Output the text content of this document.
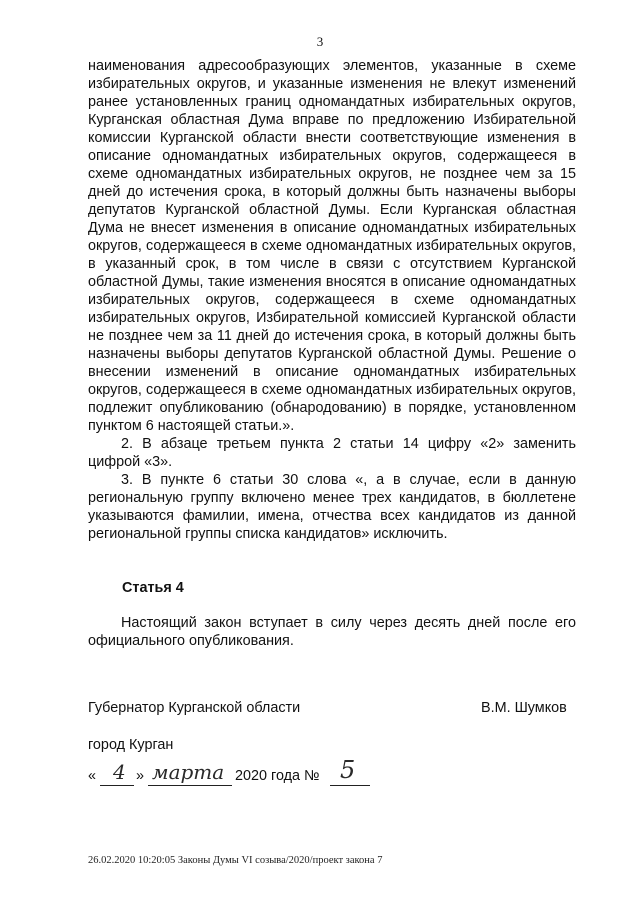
3

наименования адресообразующих элементов, указанные в схеме избирательных округов, и указанные изменения не влекут изменений ранее установленных границ одномандатных избирательных округов, Курганская областная Дума вправе по предложению Избирательной комиссии Курганской области внести соответствующие изменения в описание одномандатных избирательных округов, содержащееся в схеме одномандатных избирательных округов, не позднее чем за 15 дней до истечения срока, в который должны быть назначены выборы депутатов Курганской областной Думы. Если Курганская областная Дума не внесет изменения в описание одномандатных избирательных округов, содержащееся в схеме одномандатных избирательных округов, в указанный срок, в том числе в связи с отсутствием Курганской областной Думы, такие изменения вносятся в описание одномандатных избирательных округов, содержащееся в схеме одномандатных избирательных округов, Избирательной комиссией Курганской области не позднее чем за 11 дней до истечения срока, в который должны быть назначены выборы депутатов Курганской областной Думы. Решение о внесении изменений в описание одномандатных избирательных округов, содержащееся в схеме одномандатных избирательных округов, подлежит опубликованию (обнародованию) в порядке, установленном пунктом 6 настоящей статьи.».

2. В абзаце третьем пункта 2 статьи 14 цифру «2» заменить цифрой «3».

3. В пункте 6 статьи 30 слова «, а в случае, если в данную региональную группу включено менее трех кандидатов, в бюллетене указываются фамилии, имена, отчества всех кандидатов из данной региональной группы списка кандидатов» исключить.

Статья 4

Настоящий закон вступает в силу через десять дней после его официального опубликования.

Губернатор Курганской области	В.М. Шумков
город Курган
« 4 » марта 2020 года № 5
26.02.2020 10:20:05 Законы Думы VI созыва/2020/проект закона 7
